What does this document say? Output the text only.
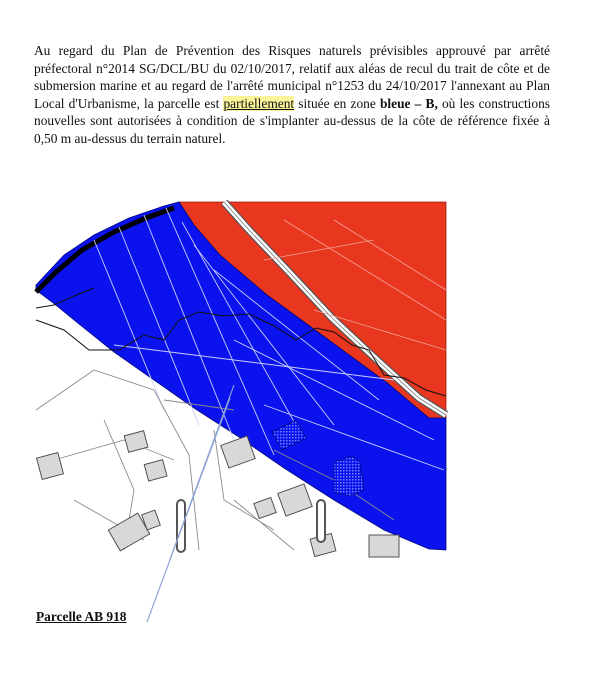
Au regard du Plan de Prévention des Risques naturels prévisibles approuvé par arrêté préfectoral n°2014 SG/DCL/BU du 02/10/2017, relatif aux aléas de recul du trait de côte et de submersion marine et au regard de l'arrêté municipal n°1253 du 24/10/2017 l'annexant au Plan Local d'Urbanisme, la parcelle est partiellement située en zone bleue – B, où les constructions nouvelles sont autorisées à condition de s'implanter au-dessus de la côte de référence fixée à 0,50 m au-dessus du terrain naturel.

Parcelle AB 918
